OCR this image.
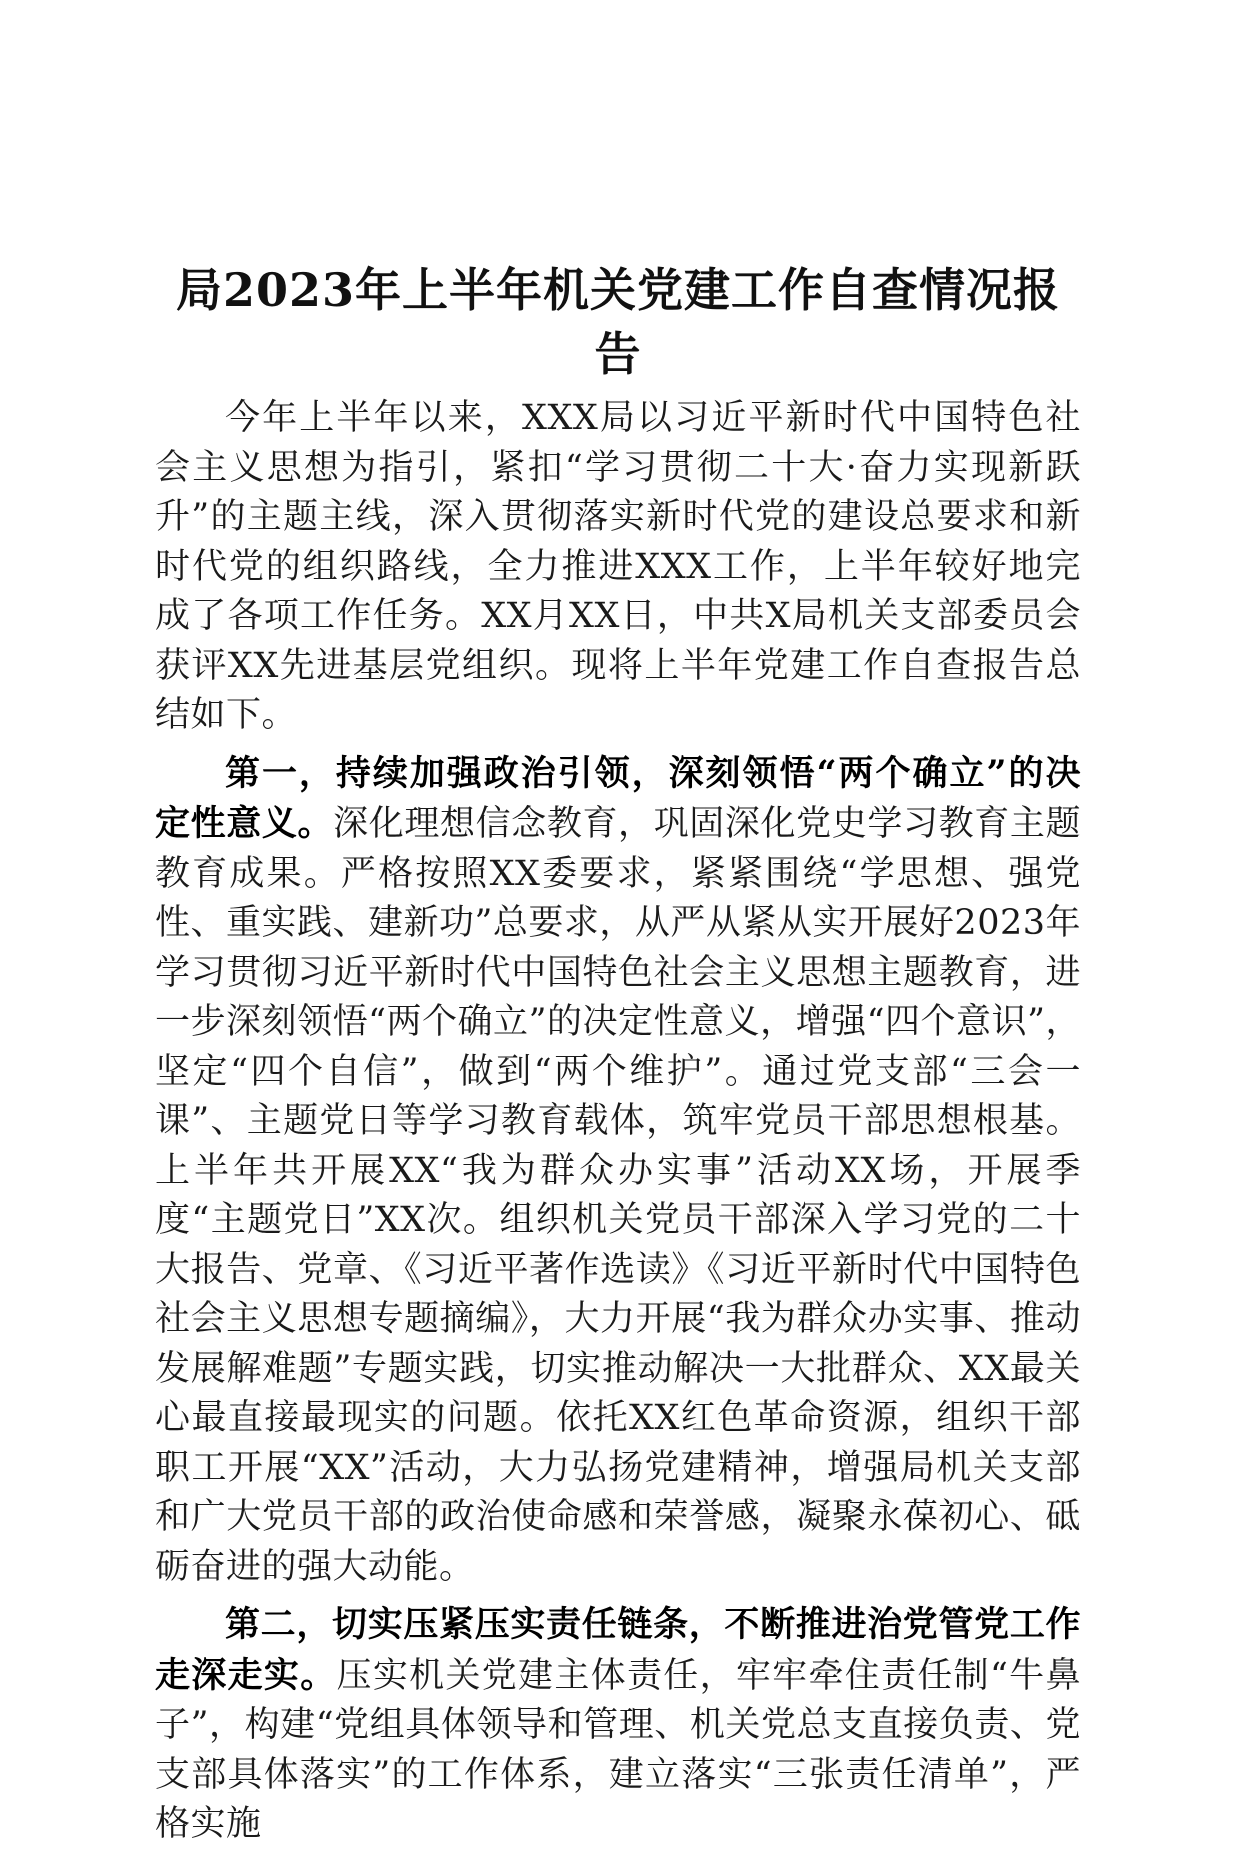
局2023年上半年机关党建工作自查情况报告

今年上半年以来，XXX局以习近平新时代中国特色社会主义思想为指引，紧扣“学习贯彻二十大·奋力实现新跃升”的主题主线，深入贯彻落实新时代党的建设总要求和新时代党的组织路线，全力推进XXX工作，上半年较好地完成了各项工作任务。XX月XX日，中共X局机关支部委员会获评XX先进基层党组织。现将上半年党建工作自查报告总结如下。

第一，持续加强政治引领，深刻领悟“两个确立”的决定性意义。深化理想信念教育，巩固深化党史学习教育主题教育成果。严格按照XX委要求，紧紧围绕“学思想、强党性、重实践、建新功”总要求，从严从紧从实开展好2023年学习贯彻习近平新时代中国特色社会主义思想主题教育，进一步深刻领悟“两个确立”的决定性意义，增强“四个意识”，坚定“四个自信”，做到“两个维护”。通过党支部“三会一课”、主题党日等学习教育载体，筑牢党员干部思想根基。上半年共开展XX“我为群众办实事”活动XX场，开展季度“主题党日”XX次。组织机关党员干部深入学习党的二十大报告、党章、《习近平著作选读》《习近平新时代中国特色社会主义思想专题摘编》，大力开展“我为群众办实事、推动发展解难题”专题实践，切实推动解决一大批群众、XX最关心最直接最现实的问题。依托XX红色革命资源，组织干部职工开展“XX”活动，大力弘扬党建精神，增强局机关支部和广大党员干部的政治使命感和荣誉感，凝聚永葆初心、砥砺奋进的强大动能。

第二，切实压紧压实责任链条，不断推进治党管党工作走深走实。压实机关党建主体责任，牢牢牵住责任制“牛鼻子”，构建“党组具体领导和管理、机关党总支直接负责、党支部具体落实”的工作体系，建立落实“三张责任清单”，严格实施
